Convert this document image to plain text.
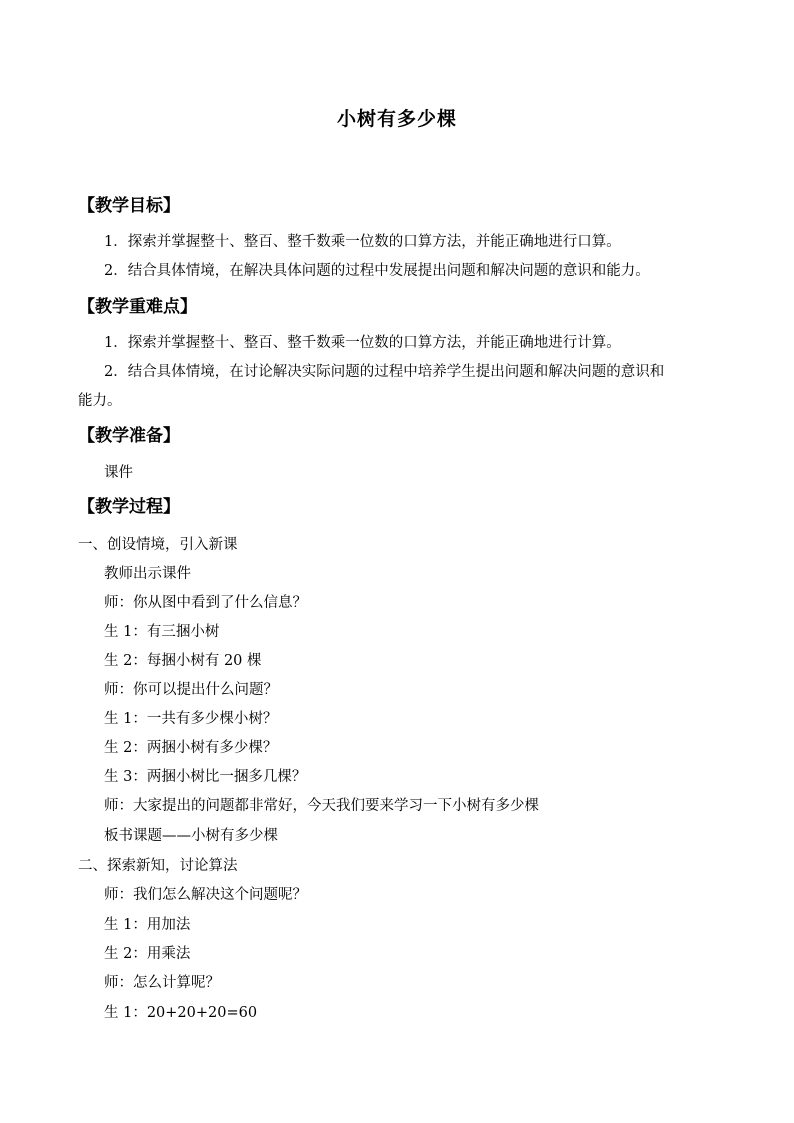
小树有多少棵
【教学目标】
1．探索并掌握整十、整百、整千数乘一位数的口算方法，并能正确地进行口算。
2．结合具体情境，在解决具体问题的过程中发展提出问题和解决问题的意识和能力。
【教学重难点】
1．探索并掌握整十、整百、整千数乘一位数的口算方法，并能正确地进行计算。
2．结合具体情境，在讨论解决实际问题的过程中培养学生提出问题和解决问题的意识和
能力。
【教学准备】
课件
【教学过程】
一、创设情境，引入新课
教师出示课件
师：你从图中看到了什么信息？
生 1：有三捆小树
生 2：每捆小树有 20 棵
师：你可以提出什么问题？
生 1：一共有多少棵小树？
生 2：两捆小树有多少棵？
生 3：两捆小树比一捆多几棵？
师：大家提出的问题都非常好，今天我们要来学习一下小树有多少棵
板书课题——小树有多少棵
二、探索新知，讨论算法
师：我们怎么解决这个问题呢？
生 1：用加法
生 2：用乘法
师：怎么计算呢？
生 1：20+20+20=60
